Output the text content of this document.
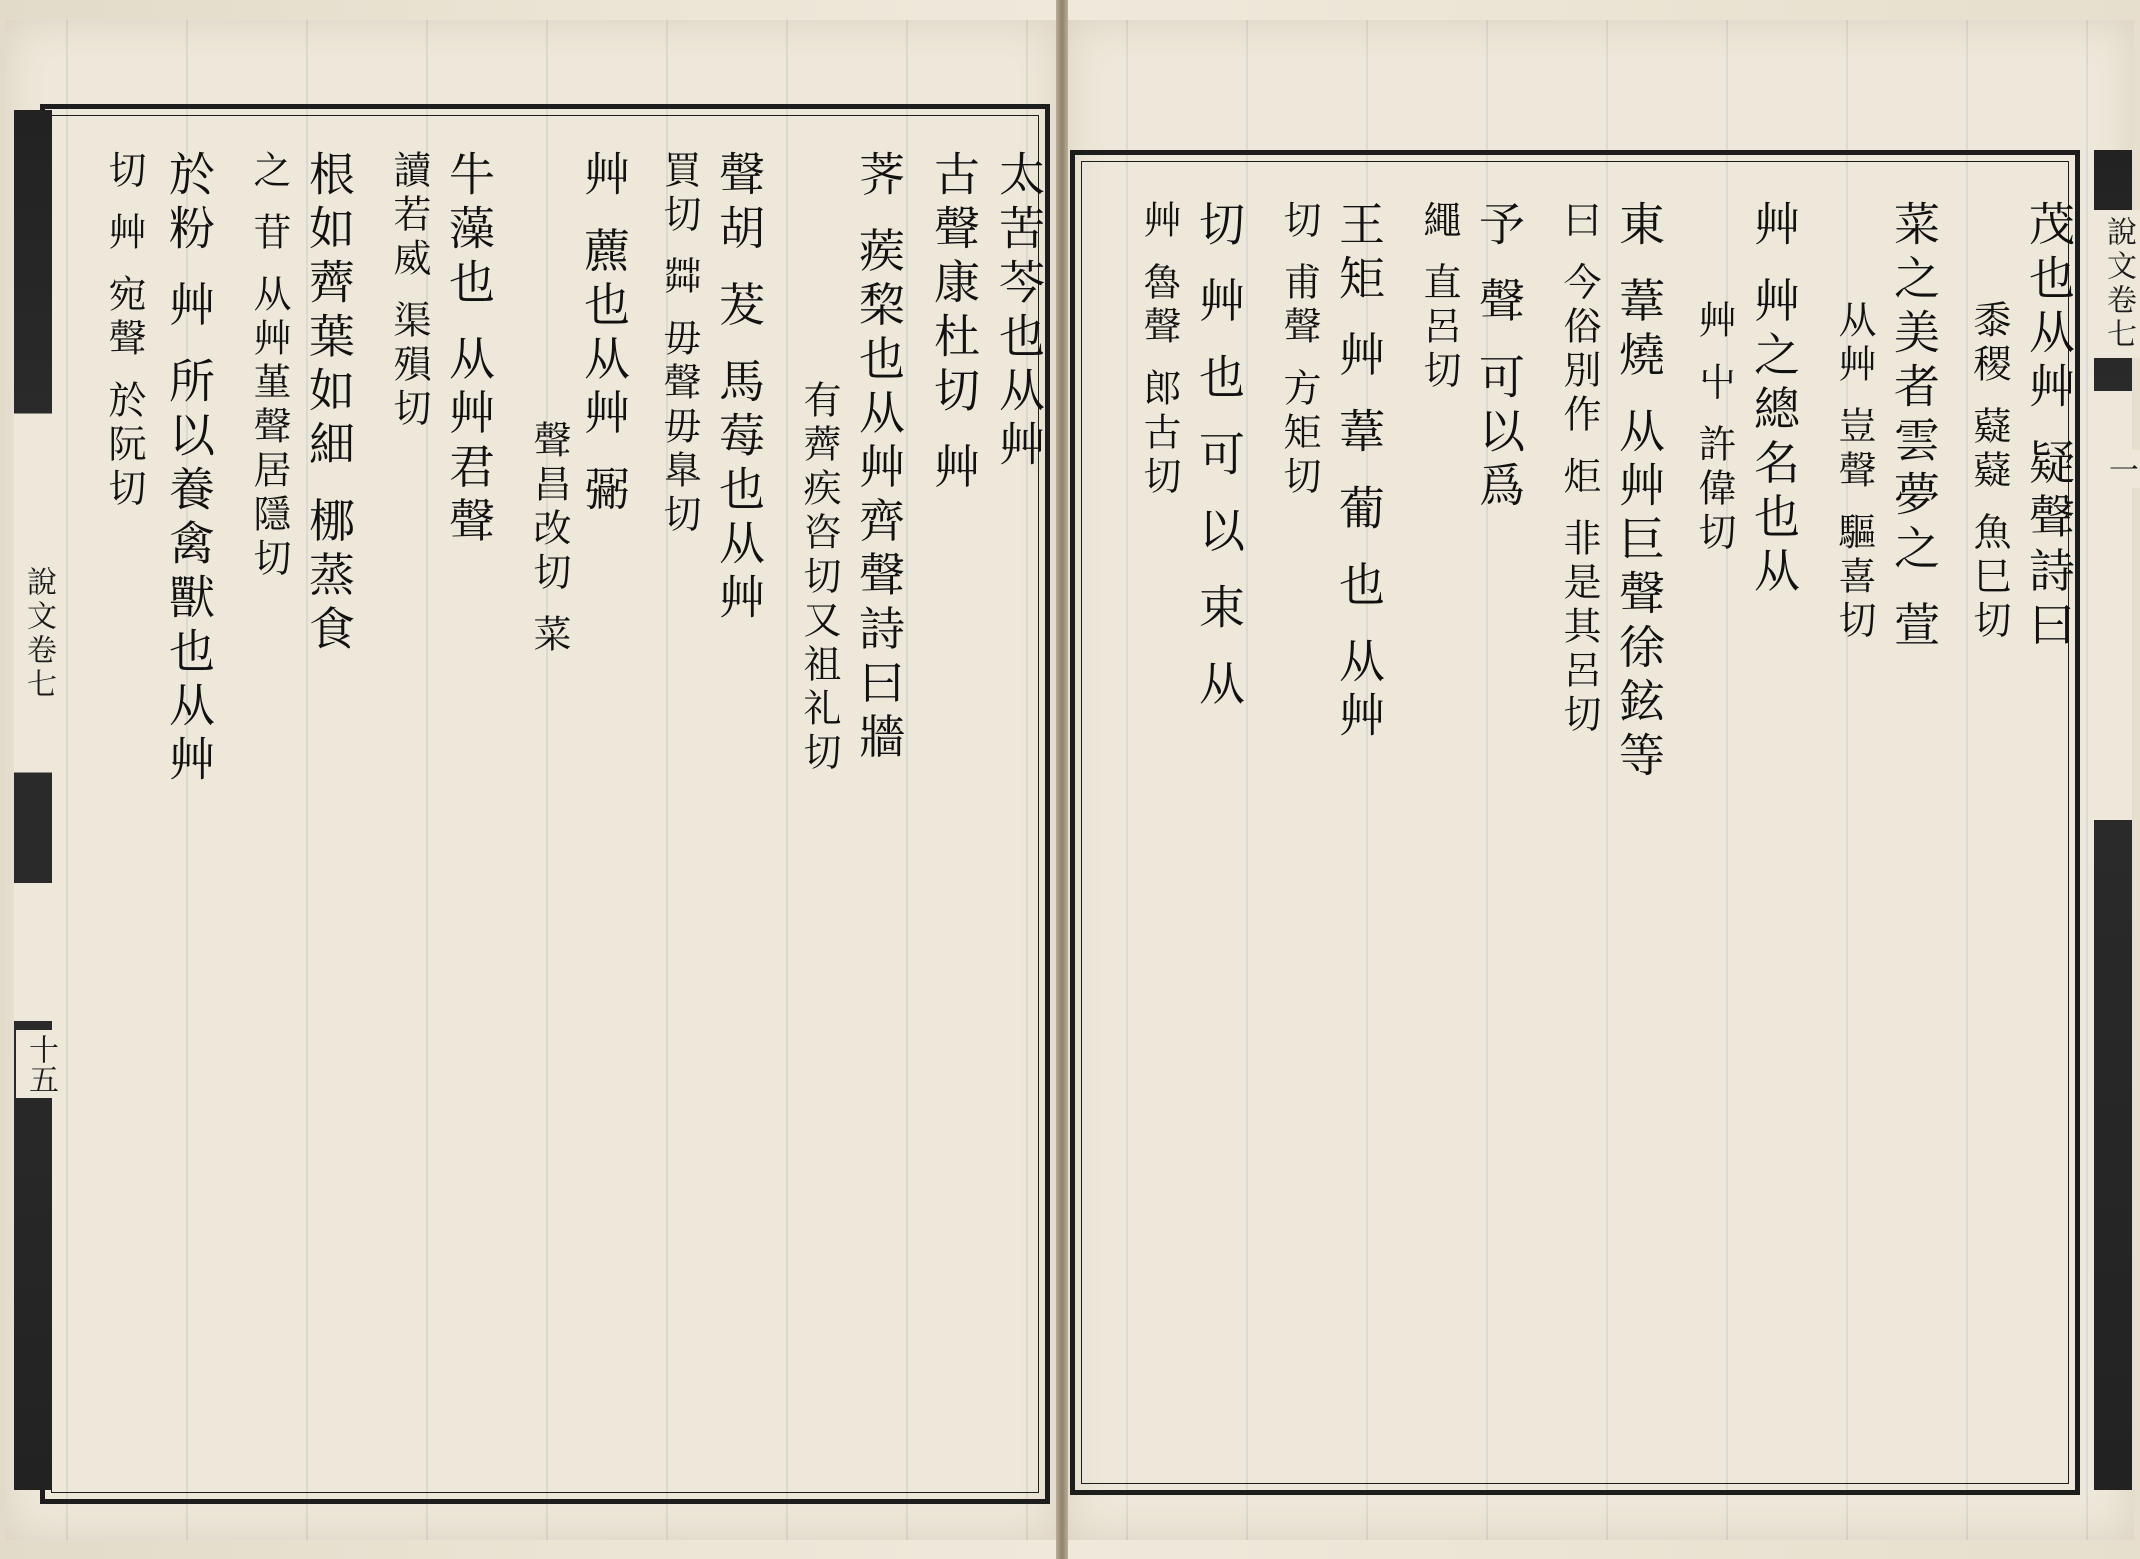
說文卷七
十五
說文卷七
一
太苦芩也从艸
古聲康杜切 艸
荠 蒺棃也从艸齊聲詩曰牆
有薺疾咨切又祖礼切
聲胡 茇 馬莓也从艸
買切 茻 毋聲毋臯切
艸 藨也从艸 䰜
聲昌改切 菜
牛藻也 从艸君聲
讀若威 渠殞切
根如薺葉如細 梛蒸食
之 苷 从艸堇聲居隱切
於粉 艸 所以養禽獸也从艸
切 艸 宛聲 於阮切	茂也从艸 疑聲詩曰
黍稷 薿薿 魚巳切
菜之美者雲夢之 萱
从艸 豈聲 驅喜切
艸 艸之總名也从
艸 屮 許偉切
東 葦燒 从艸巨聲徐鉉等
曰 今俗別作 炬 非是其呂切
予 聲 可以爲
繩 直呂切
王矩 艸 葦 葡 也 从艸
切 甫聲 方矩切
切 艸 也 可 以 束 从
艸 魯聲 郎古切
